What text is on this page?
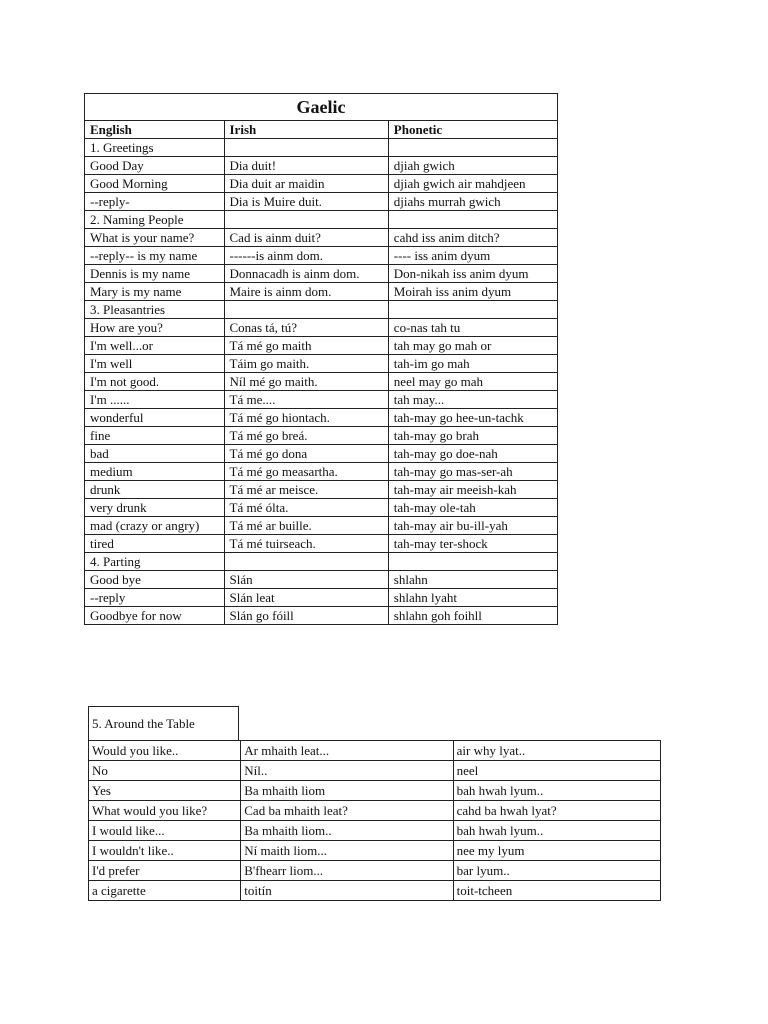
Gaelic		
English	Irish	Phonetic
1. Greetings		
Good Day	Dia duit!	djiah gwich
Good Morning	Dia duit ar maidin	djiah gwich air mahdjeen
--reply-	Dia is Muire duit.	djiahs murrah gwich
2. Naming People		
What is your name?	Cad is ainm duit?	cahd iss anim ditch?
--reply-- is my name	------is ainm dom.	---- iss anim dyum
Dennis is my name	Donnacadh is ainm dom.	Don-nikah iss anim dyum
Mary is my name	Maire is ainm dom.	Moirah iss anim dyum
3. Pleasantries		
How are you?	Conas tá, tú?	co-nas tah tu
I'm well...or	Tá mé go maith	tah may go mah or
I'm well	Táim go maith.	tah-im go mah
I'm not good.	Níl mé go maith.	neel may go mah
I'm ......	Tá me....	tah may...
wonderful	Tá mé go hiontach.	tah-may go hee-un-tachk
fine	Tá mé go breá.	tah-may go brah
bad	Tá mé go dona	tah-may go doe-nah
medium	Tá mé go measartha.	tah-may go mas-ser-ah
drunk	Tá mé ar meisce.	tah-may air meeish-kah
very drunk	Tá mé ólta.	tah-may ole-tah
mad (crazy or angry)	Tá mé ar buille.	tah-may air bu-ill-yah
tired	Tá mé tuirseach.	tah-may ter-shock
4. Parting		
Good bye	Slán	shlahn
--reply	Slán leat	shlahn lyaht
Goodbye for now	Slán go fóill	shlahn goh foihll
5. Around the Table
Would you like..	Ar mhaith leat...	air why lyat..
No	Níl..	neel
Yes	Ba mhaith liom	bah hwah lyum..
What would you like?	Cad ba mhaith leat?	cahd ba hwah lyat?
I would like...	Ba mhaith liom..	bah hwah lyum..
I wouldn't like..	Ní maith liom...	nee my lyum
I'd prefer	B'fhearr liom...	bar lyum..
a cigarette	toitín	toit-tcheen
